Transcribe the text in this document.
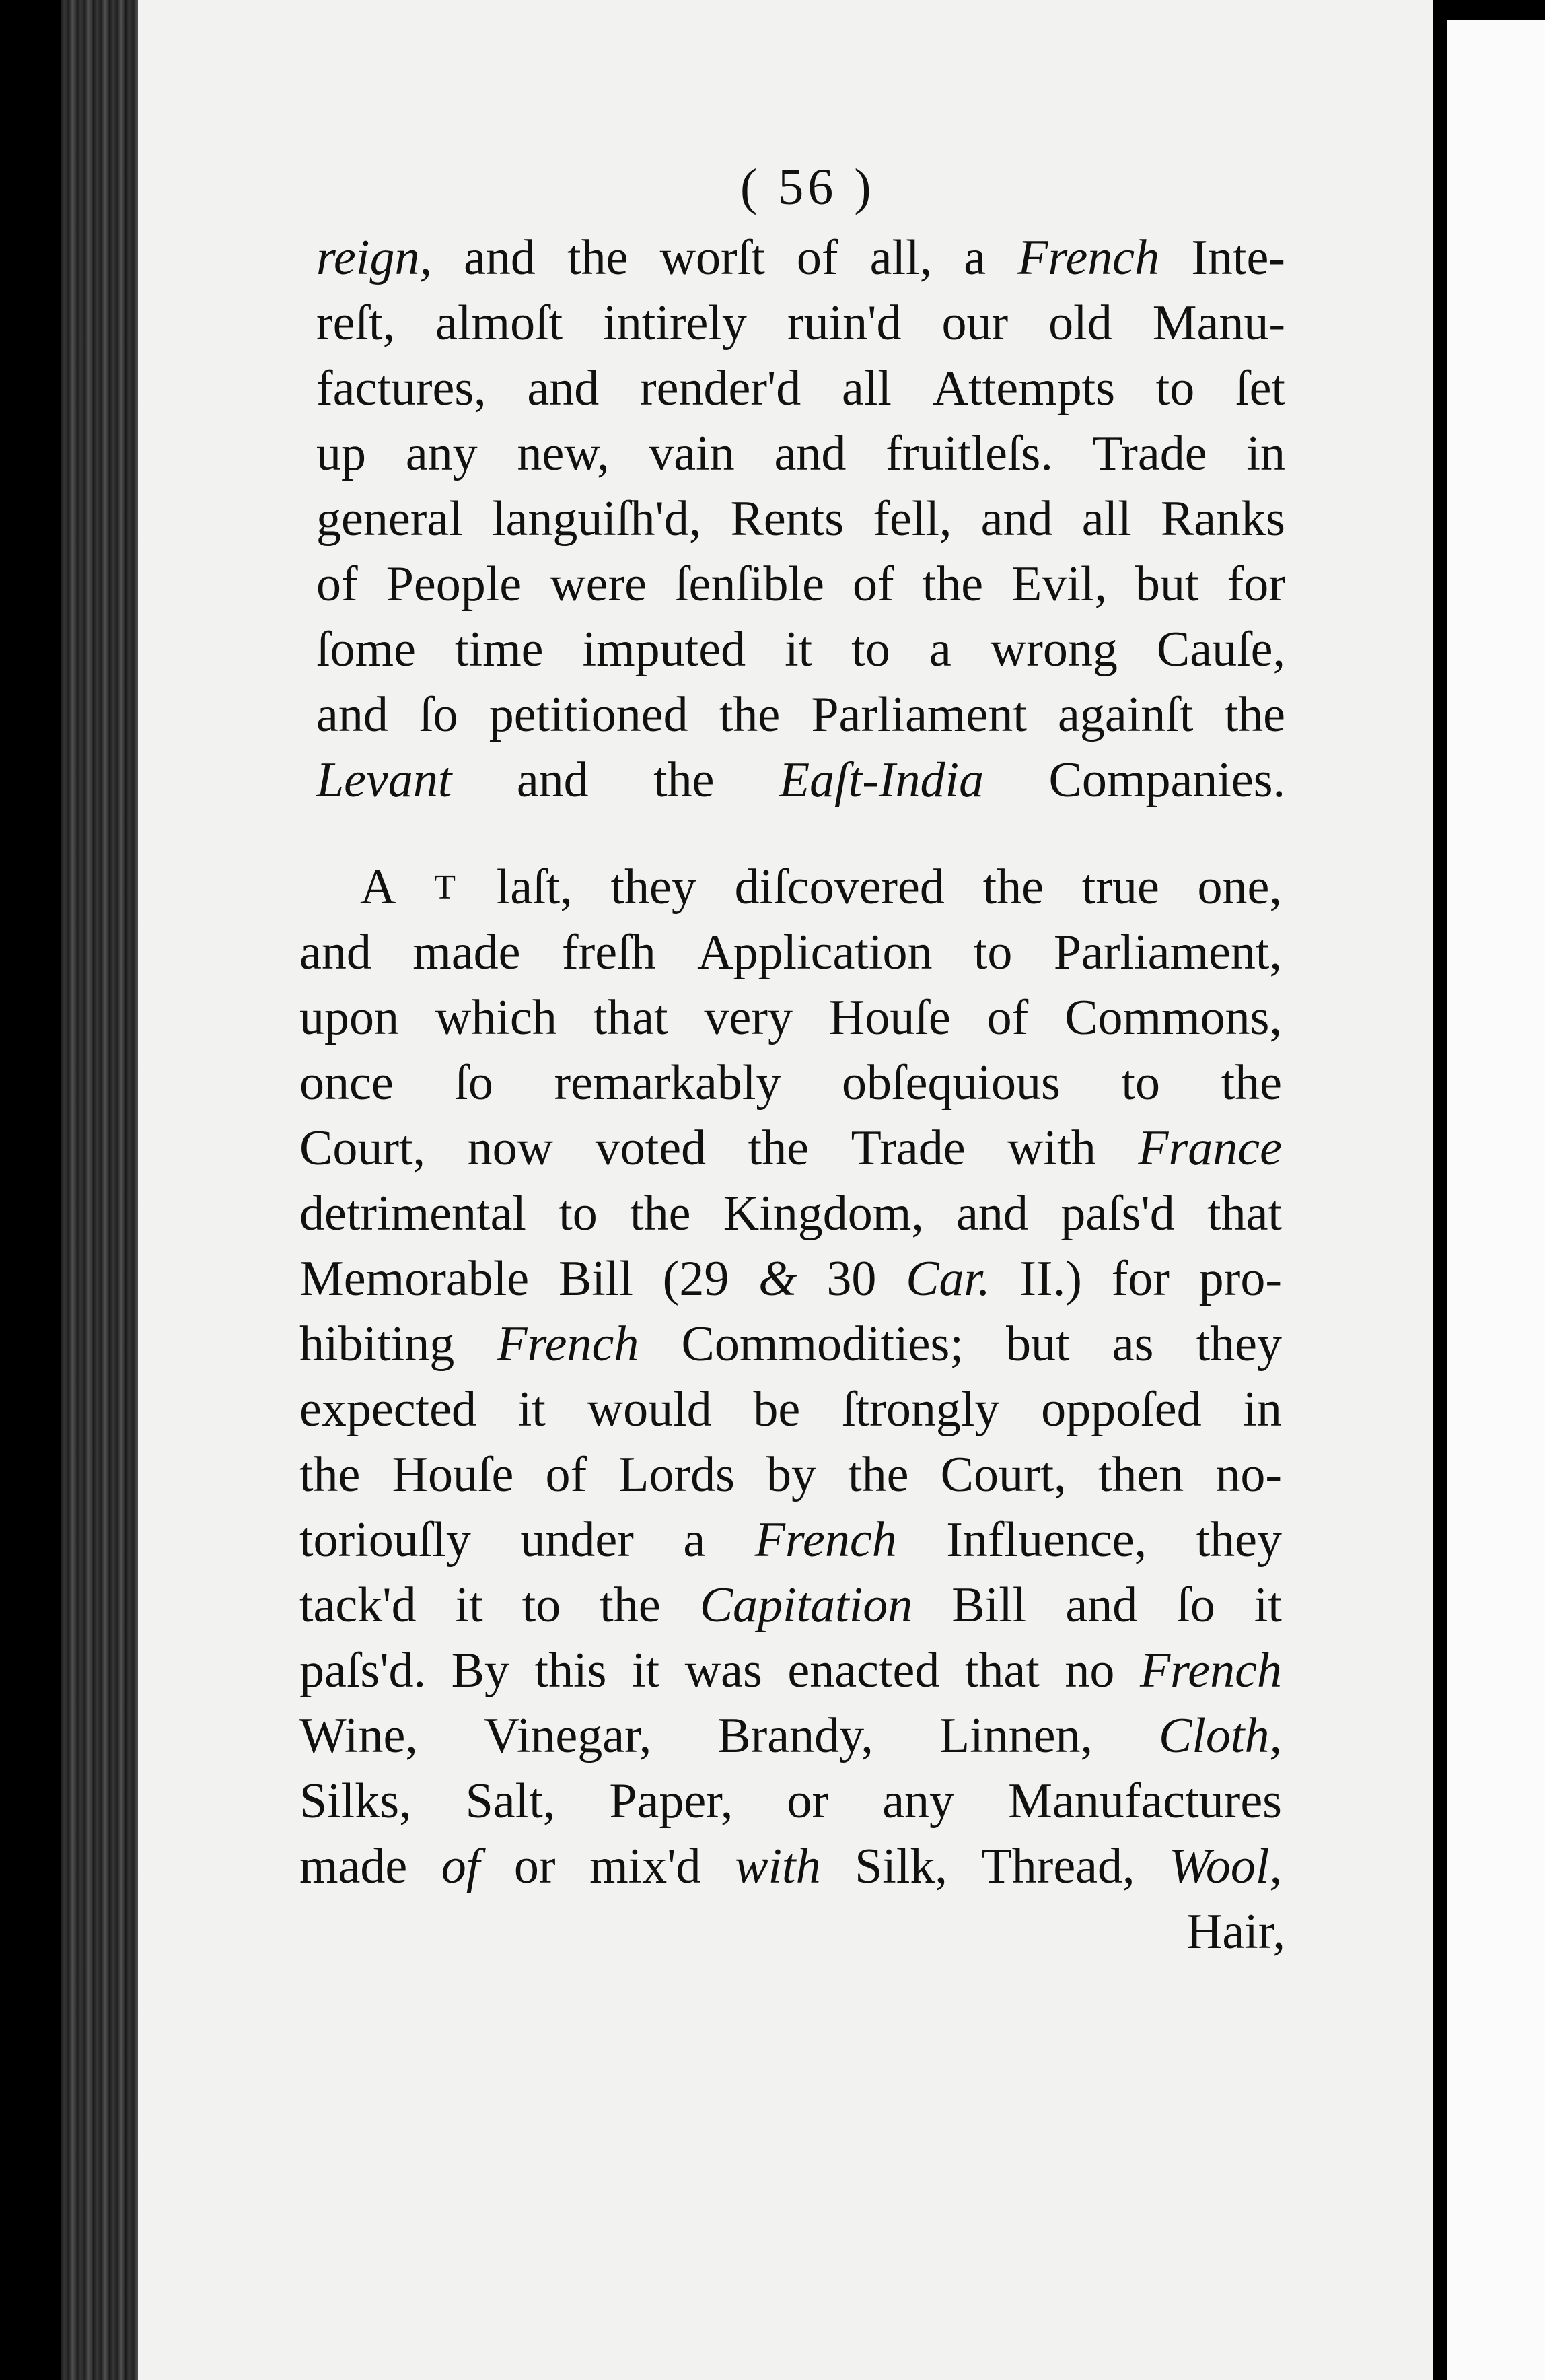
( 56 )
reign, and the worſt of all, a French Inte-
reſt, almoſt intirely ruin'd our old Manu-
factures, and render'd all Attempts to ſet
up any new, vain and fruitleſs. Trade in
general languiſh'd, Rents fell, and all Ranks
of People were ſenſible of the Evil, but for
ſome time imputed it to a wrong Cauſe,
and ſo petitioned the Parliament againſt the
Levant and the Eaſt-India Companies.
A T laſt, they diſcovered the true one,
and made freſh Application to Parliament,
upon which that very Houſe of Commons,
once ſo remarkably obſequious to the
Court, now voted the Trade with France
detrimental to the Kingdom, and paſs'd that
Memorable Bill (29 & 30 Car. II.) for pro-
hibiting French Commodities; but as they
expected it would be ſtrongly oppoſed in
the Houſe of Lords by the Court, then no-
toriouſly under a French Influence, they
tack'd it to the Capitation Bill and ſo it
paſs'd. By this it was enacted that no French
Wine, Vinegar, Brandy, Linnen, Cloth,
Silks, Salt, Paper, or any Manufactures
made of or mix'd with Silk, Thread, Wool,
Hair,
